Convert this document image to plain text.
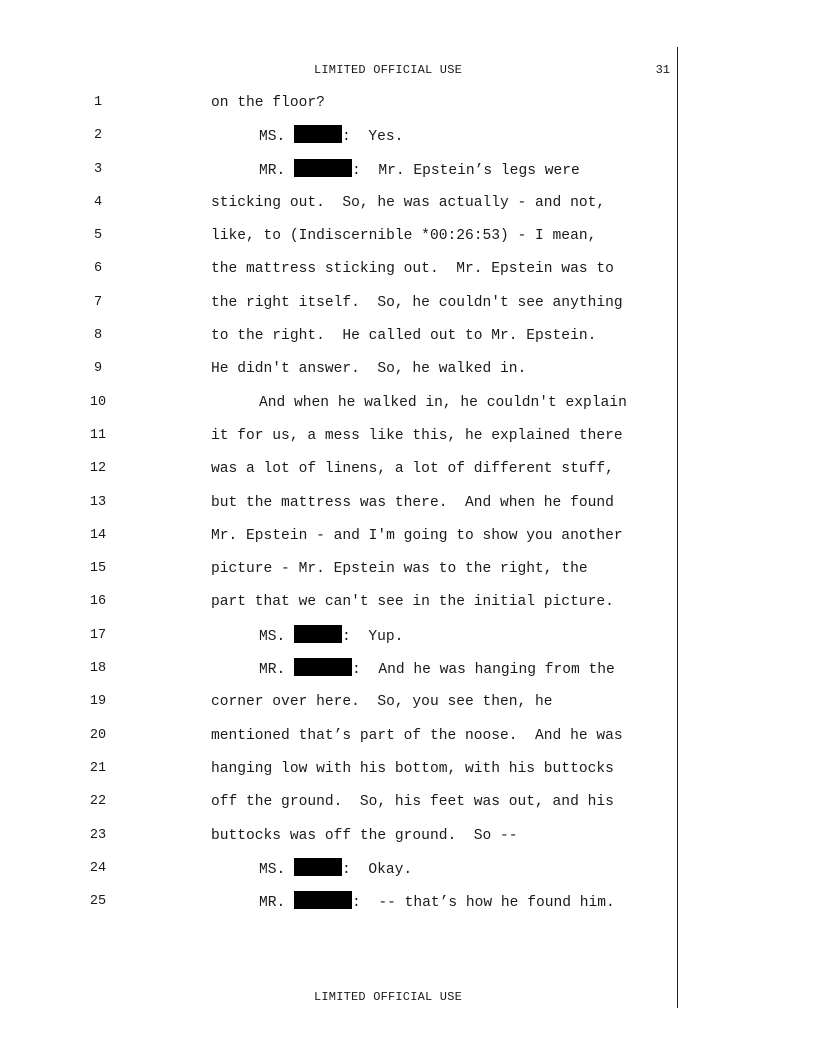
LIMITED OFFICIAL USE	31
1	on the floor?
2	MS.	:  Yes.
3	MR.	:  Mr. Epstein’s legs were
4	sticking out.  So, he was actually - and not,
5	like, to (Indiscernible *00:26:53) - I mean,
6	the mattress sticking out.  Mr. Epstein was to
7	the right itself.  So, he couldn't see anything
8	to the right.  He called out to Mr. Epstein.
9	He didn't answer.  So, he walked in.
10	And when he walked in, he couldn't explain
11	it for us, a mess like this, he explained there
12	was a lot of linens, a lot of different stuff,
13	but the mattress was there.  And when he found
14	Mr. Epstein - and I'm going to show you another
15	picture - Mr. Epstein was to the right, the
16	part that we can't see in the initial picture.
17	MS.	:  Yup.
18	MR.	:  And he was hanging from the
19	corner over here.  So, you see then, he
20	mentioned that’s part of the noose.  And he was
21	hanging low with his bottom, with his buttocks
22	off the ground.  So, his feet was out, and his
23	buttocks was off the ground.  So --
24	MS.	:  Okay.
25	MR.	:  -- that’s how he found him.
LIMITED OFFICIAL USE
